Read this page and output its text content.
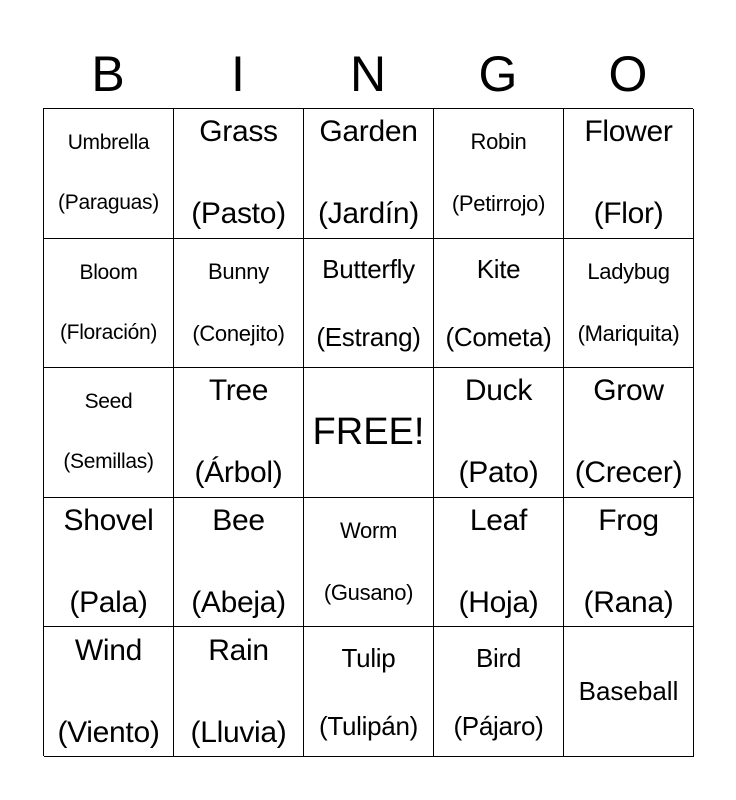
B	I	N	G	O
Umbrella
(Paraguas)
Grass
(Pasto)
Garden
(Jardín)
Robin
(Petirrojo)
Flower
(Flor)
Bloom
(Floración)
Bunny
(Conejito)
Butterfly
(Estrang)
Kite
(Cometa)
Ladybug
(Mariquita)
Seed
(Semillas)
Tree
(Árbol)
FREE!
Duck
(Pato)
Grow
(Crecer)
Shovel
(Pala)
Bee
(Abeja)
Worm
(Gusano)
Leaf
(Hoja)
Frog
(Rana)
Wind
(Viento)
Rain
(Lluvia)
Tulip
(Tulipán)
Bird
(Pájaro)
Baseball
